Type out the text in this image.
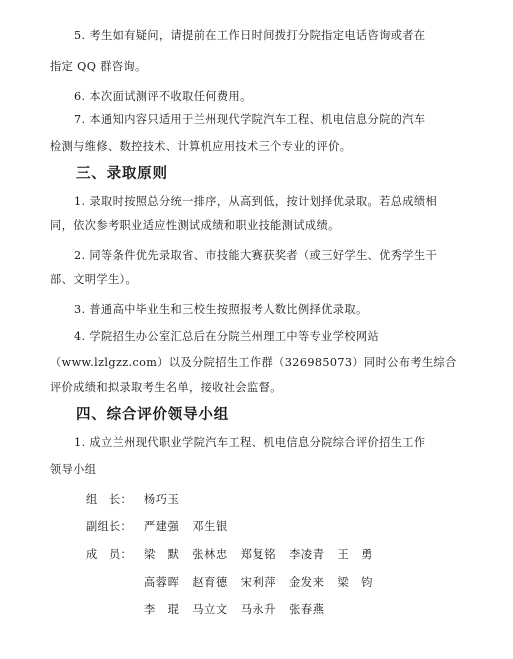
5. 考生如有疑问，请提前在工作日时间拨打分院指定电话咨询或者在
指定 QQ 群咨询。
6. 本次面试测评不收取任何费用。
7. 本通知内容只适用于兰州现代学院汽车工程、机电信息分院的汽车
检测与维修、数控技术、计算机应用技术三个专业的评价。
三、录取原则
1. 录取时按照总分统一排序，从高到低，按计划择优录取。若总成绩相
同，依次参考职业适应性测试成绩和职业技能测试成绩。
2. 同等条件优先录取省、市技能大赛获奖者（或三好学生、优秀学生干
部、文明学生）。
3. 普通高中毕业生和三校生按照报考人数比例择优录取。
4. 学院招生办公室汇总后在分院兰州理工中等专业学校网站
（www.lzlgzz.com）以及分院招生工作群（326985073）同时公布考生综合
评价成绩和拟录取考生名单，接收社会监督。
四、综合评价领导小组
1. 成立兰州现代职业学院汽车工程、机电信息分院综合评价招生工作
领导小组
组　长： 杨巧玉
副组长： 严建强 邓生银
成　员： 梁　默 张林忠 郑复铭 李凌青 王　勇
高蓉晖 赵育德 宋利萍 金发来 梁　钧
李　琨 马立文 马永升 张春燕
